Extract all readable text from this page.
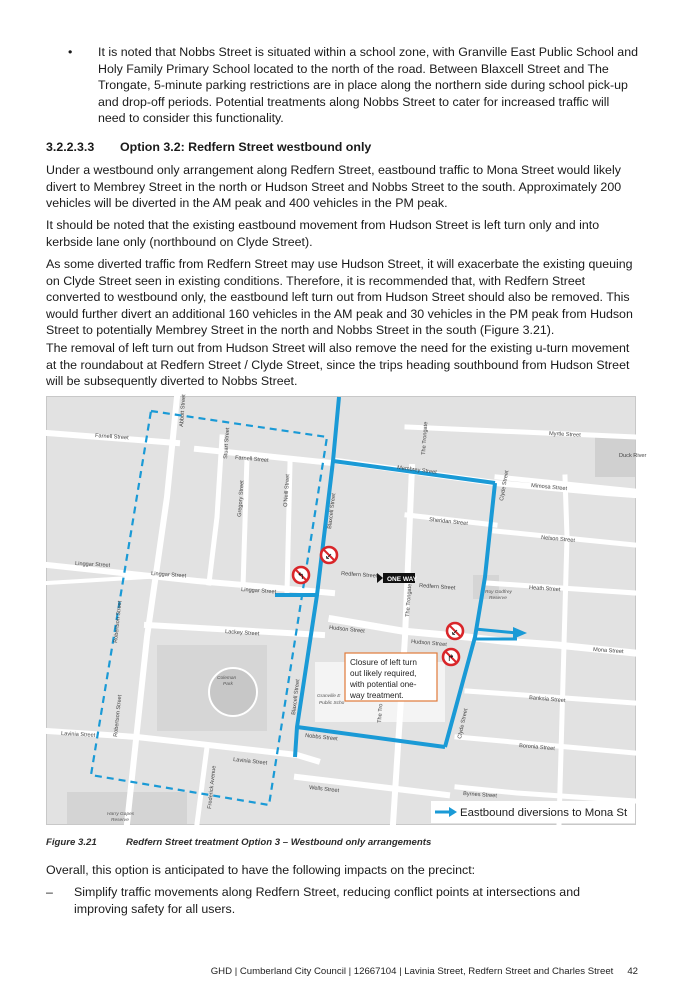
• It is noted that Nobbs Street is situated within a school zone, with Granville East Public School and Holy Family Primary School located to the north of the road. Between Blaxcell Street and The Trongate, 5-minute parking restrictions are in place along the northern side during school pick-up and drop-off periods. Potential treatments along Nobbs Street to cater for increased traffic will need to consider this functionality.
3.2.2.3.3 Option 3.2: Redfern Street westbound only

Under a westbound only arrangement along Redfern Street, eastbound traffic to Mona Street would likely divert to Membrey Street in the north or Hudson Street and Nobbs Street to the south. Approximately 200 vehicles will be diverted in the AM peak and 400 vehicles in the PM peak.

It should be noted that the existing eastbound movement from Hudson Street is left turn only and into kerbside lane only (northbound on Clyde Street).

As some diverted traffic from Redfern Street may use Hudson Street, it will exacerbate the existing queuing on Clyde Street seen in existing conditions. Therefore, it is recommended that, with Redfern Street converted to westbound only, the eastbound left turn out from Hudson Street should also be removed. This would further divert an additional 160 vehicles in the AM peak and 30 vehicles in the PM peak from Hudson Street to potentially Membrey Street in the north and Nobbs Street in the south (Figure 3.21).

The removal of left turn out from Hudson Street will also remove the need for the existing u-turn movement at the roundabout at Redfern Street / Clyde Street, since the trips heading southbound from Hudson Street will be subsequently diverted to Nobbs Street.

ONE WAY
↰
↙
↙
↱
Closure of left turn
out likely required,
with potential one-
way treatment.
Farnell Street
Farnell Street
Abbott Street
Stuart Street
Membrey Street
Myrtle Street
Mimosa Street
Sheridan Street
Nelson Street
Heath Street
Mona Street
Linggar Street
Linggar Street
Linggar Street
Gregory Street	O'Neill Street
Blaxcell Street
Blaxcell Street
Redfern Street
Redfern Street
The Trongate
The Trongate
The Tro
Clyde Street
Clyde Street
Hudson Street
Hudson Street
Lackey Street
Robertson Street
Robertson Street
Lavinia Street
Lavinia Street
Frederick Avenue
Nobbs Street
Wells Street
Byrnes Street
Banksia Street
Boronia Street
Duck River
Roy Godfrey
Reserve
Coleman
Park
Granville E
Public Scho
Harry Gapes
Reserve
Eastbound diversions to Mona St
Figure 3.21	Redfern Street treatment Option 3 – Westbound only arrangements

Overall, this option is anticipated to have the following impacts on the precinct:

– Simplify traffic movements along Redfern Street, reducing conflict points at intersections and improving safety for all users.
GHD | Cumberland City Council | 12667104 | Lavinia Street, Redfern Street and Charles Street 42
